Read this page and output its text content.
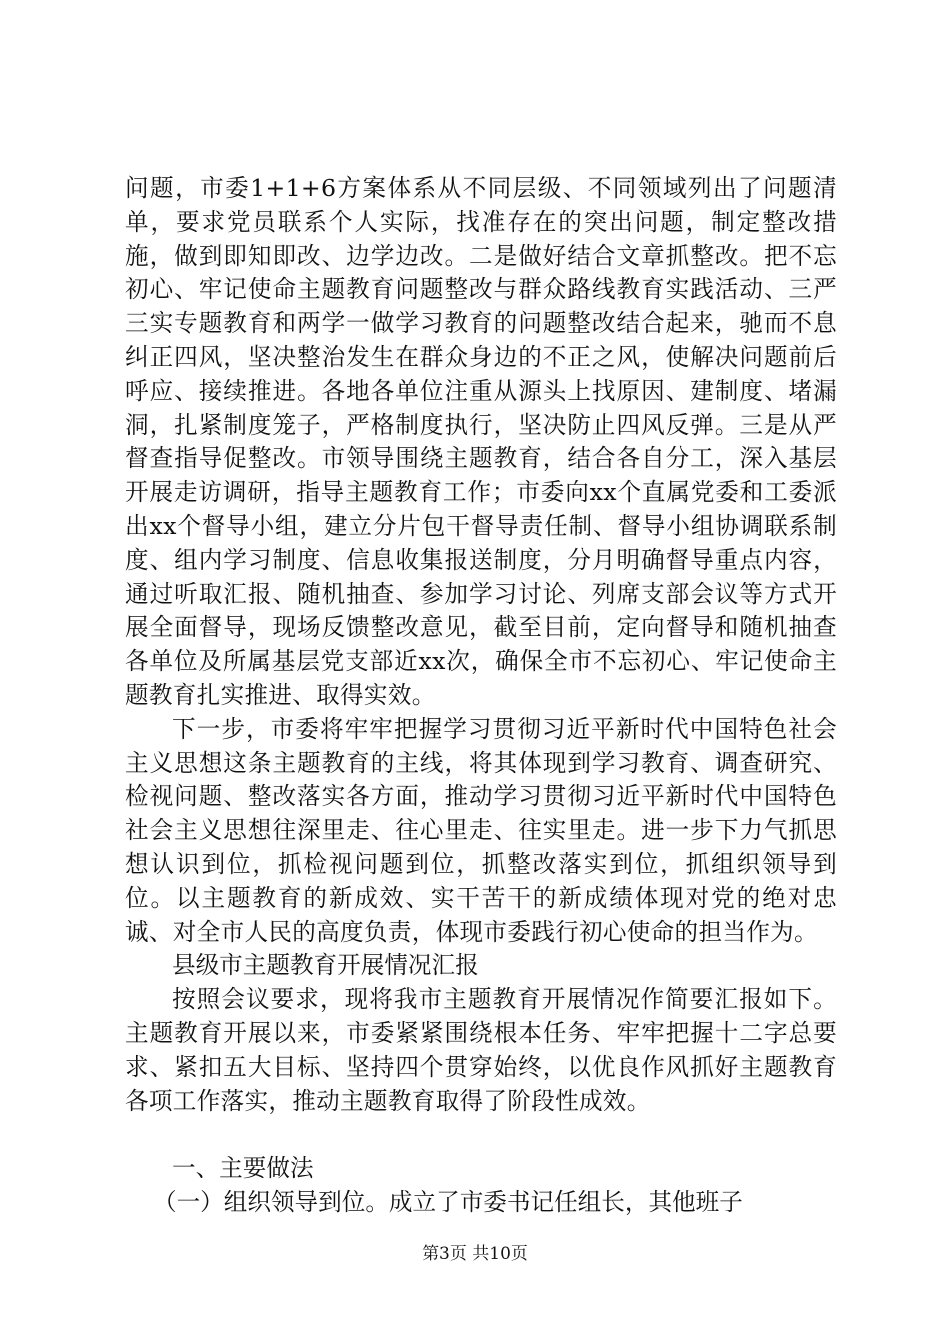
问题，市委1+1+6方案体系从不同层级、不同领域列出了问题清单，要求党员联系个人实际，找准存在的突出问题，制定整改措施，做到即知即改、边学边改。二是做好结合文章抓整改。把不忘初心、牢记使命主题教育问题整改与群众路线教育实践活动、三严三实专题教育和两学一做学习教育的问题整改结合起来，驰而不息纠正四风，坚决整治发生在群众身边的不正之风，使解决问题前后呼应、接续推进。各地各单位注重从源头上找原因、建制度、堵漏洞，扎紧制度笼子，严格制度执行，坚决防止四风反弹。三是从严督查指导促整改。市领导围绕主题教育，结合各自分工，深入基层开展走访调研，指导主题教育工作；市委向xx个直属党委和工委派出xx个督导小组，建立分片包干督导责任制、督导小组协调联系制度、组内学习制度、信息收集报送制度，分月明确督导重点内容，通过听取汇报、随机抽查、参加学习讨论、列席支部会议等方式开展全面督导，现场反馈整改意见，截至目前，定向督导和随机抽查各单位及所属基层党支部近xx次，确保全市不忘初心、牢记使命主题教育扎实推进、取得实效。

下一步，市委将牢牢把握学习贯彻习近平新时代中国特色社会主义思想这条主题教育的主线，将其体现到学习教育、调查研究、检视问题、整改落实各方面，推动学习贯彻习近平新时代中国特色社会主义思想往深里走、往心里走、往实里走。进一步下力气抓思想认识到位，抓检视问题到位，抓整改落实到位，抓组织领导到位。以主题教育的新成效、实干苦干的新成绩体现对党的绝对忠诚、对全市人民的高度负责，体现市委践行初心使命的担当作为。

县级市主题教育开展情况汇报

按照会议要求，现将我市主题教育开展情况作简要汇报如下。主题教育开展以来，市委紧紧围绕根本任务、牢牢把握十二字总要求、紧扣五大目标、坚持四个贯穿始终，以优良作风抓好主题教育各项工作落实，推动主题教育取得了阶段性成效。

一、主要做法

（一）组织领导到位。成立了市委书记任组长，其他班子

第3页 共10页
